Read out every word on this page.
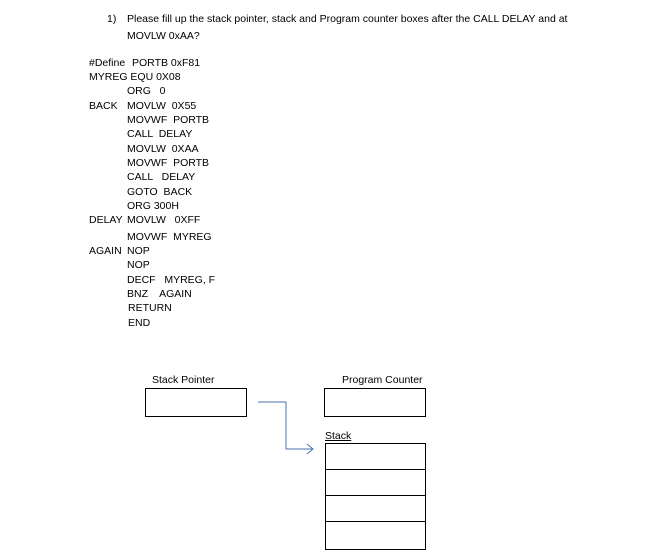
1) Please fill up the stack pointer, stack and Program counter boxes after the CALL DELAY and at
MOVLW 0xAA?
#Define PORTB 0xF81
MYREG EQU 0X08
ORG   0
BACK MOVLW  0X55
MOVWF  PORTB
CALL  DELAY
MOVLW  0XAA
MOVWF  PORTB
CALL   DELAY
GOTO  BACK
ORG 300H
DELAY MOVLW   0XFF
MOVWF  MYREG
AGAIN NOP
NOP
DECF   MYREG, F
BNZ    AGAIN
RETURN
END
Stack Pointer	Program Counter
Stack
